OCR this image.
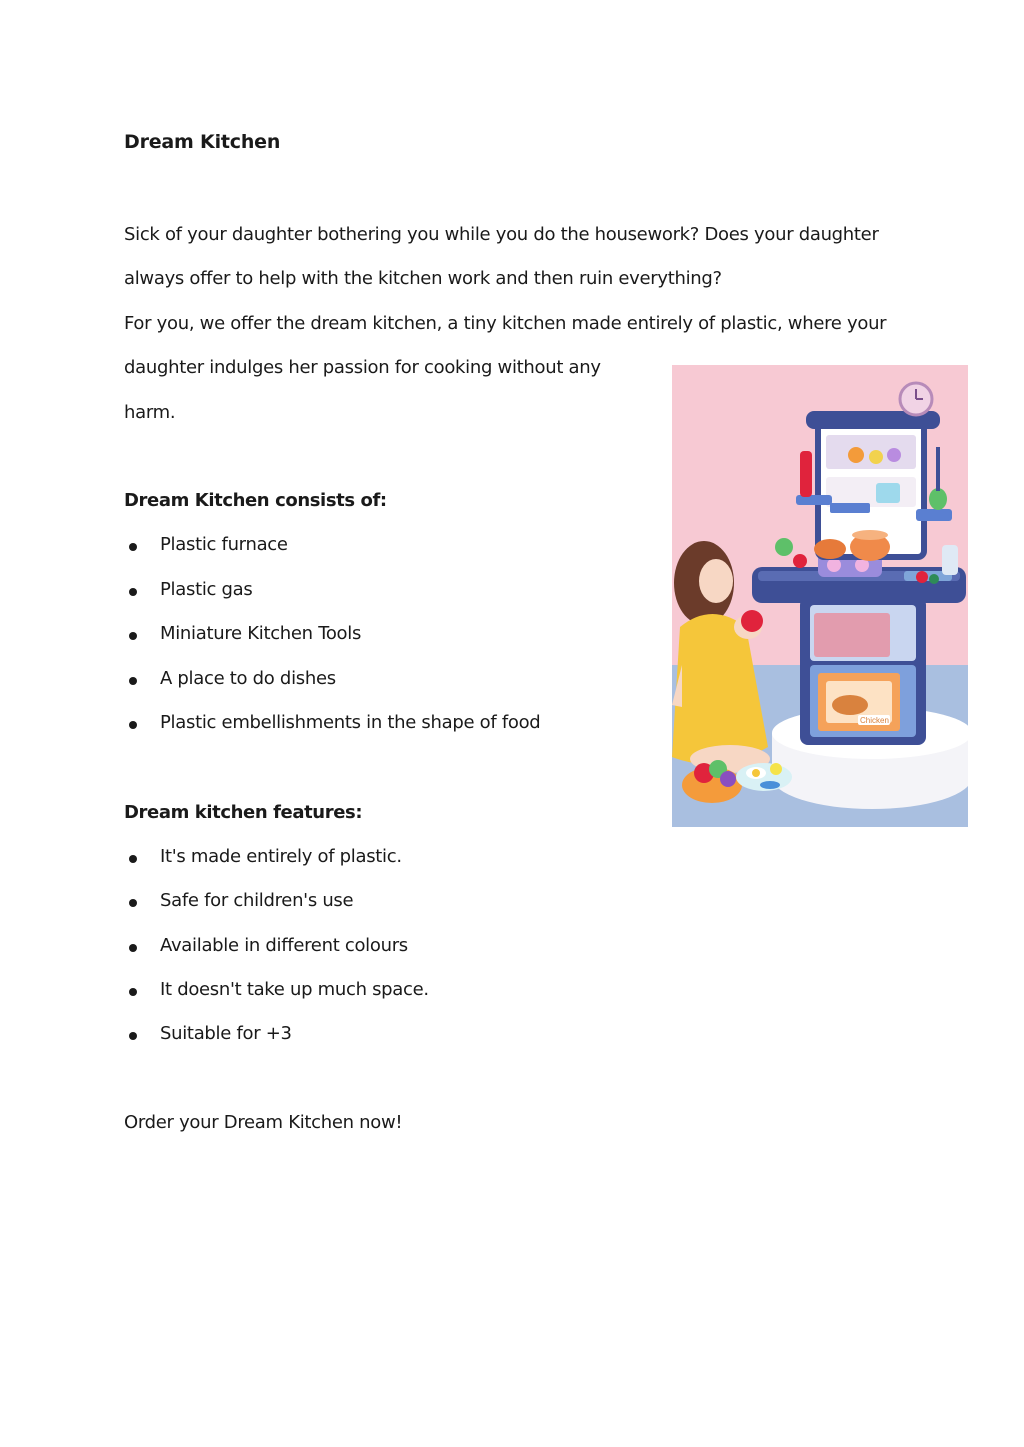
Dream Kitchen
Sick of your daughter bothering you while you do the housework? Does your daughter
always offer to help with the kitchen work and then ruin everything?
For you, we offer the dream kitchen, a tiny kitchen made entirely of plastic, where your
daughter indulges her passion for cooking without any
harm.
Dream Kitchen consists of:
Plastic furnace
Plastic gas
Miniature Kitchen Tools
A place to do dishes
Plastic embellishments in the shape of food
Dream kitchen features:
It's made entirely of plastic.
Safe for children's use
Available in different colours
It doesn't take up much space.
Suitable for +3
Order your Dream Kitchen now!
Chicken
